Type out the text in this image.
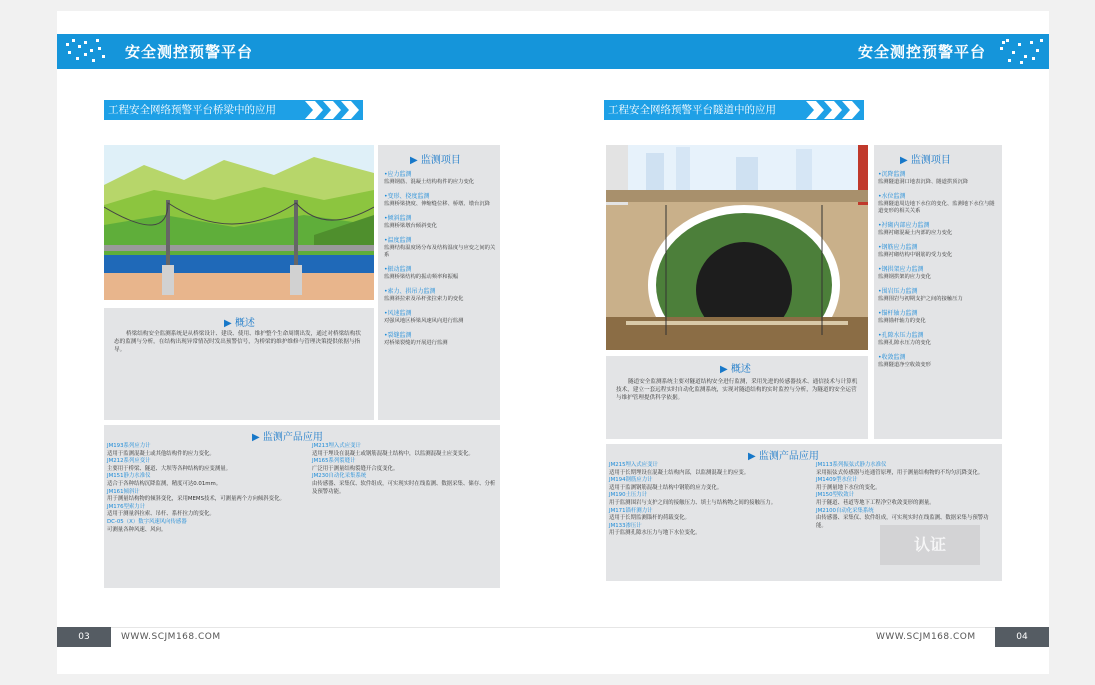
安全测控预警平台	安全测控预警平台
工程安全网络预警平台桥梁中的应用
▶ 监测项目
•应力监测
监测钢筋、混凝土结构构件的应力变化
•变形、挠度监测
监测桥梁挠度、伸缩缝位移、桥墩、墩台沉降
•倾斜监测
监测桥梁墩台倾斜变化
•温度监测
监测结构温度场分布及结构温度与应变之间的关系
•振动监测
监测桥梁结构的振动频率和振幅
•索力、拱吊力监测
监测斜拉索及吊杆张拉索力的变化
•风速监测
对强风地区桥梁风速风向进行监测
•裂缝监测
对桥梁裂缝的开展进行监测
▶ 概述
桥梁结构安全监测系统是从桥梁设计、建设、使用、维护整个生命周期出发，通过对桥梁结构状态的监测与分析，在结构出现异常情况时发出预警信号，为桥梁的维护维修与管理决策提供依据与指导。
▶ 监测产品应用
JM193系列应力计
适用于监测混凝土或其他结构件的应力变化。
JM212系列应变计
主要用于桥梁、隧道、大坝等各种结构的应变测量。
JM151静力水准仪
适合于各种结构沉降监测，精度可达0.01mm。
JM161倾斜计
用于测量结构物的倾斜变化，采用MEMS技术，可测量两个方向倾斜变化。
JM176型索力计
适用于测量斜拉索、吊杆、系杆拉力的变化。
DC-05（X）数字风速风向传感器
可测量各种风速、风向。
JM213埋入式应变计
适用于埋设在混凝土或钢筋混凝土结构中，以监测混凝土应变变化。
JM165系列裂缝计
广泛用于测量结构裂缝开合度变化。
JM230自动化采集系统
由传感器、采集仪、软件组成，可实现实时在线监测、数据采集、储存、分析及预警功能。
工程安全网络预警平台隧道中的应用
▶ 监测项目
•沉降监测
监测隧道洞口地表沉降、隧道拱顶沉降
•水位监测
监测隧道周边地下水位的变化、监测地下水位与隧道变形的相关关系
•衬砌内部应力监测
监测衬砌混凝土内部的应力变化
•钢筋应力监测
监测衬砌结构中钢筋的受力变化
•钢拱架应力监测
监测钢拱架的应力变化
•围岩压力监测
监测围岩与初期支护之间的接触压力
•锚杆轴力监测
监测锚杆轴力的变化
•孔隙水压力监测
监测孔隙水压力的变化
•收敛监测
监测隧道净空收敛变形
▶ 概述
隧道安全监测系统主要对隧道结构安全进行监测，采用先进的传感器技术、通信技术与计算机技术，建立一套远程实时自动化监测系统，实现对隧道结构的实时监控与分析，为隧道的安全运营与维护管理提供科学依据。
▶ 监测产品应用
JM215埋入式应变计
适用于长期埋设在混凝土结构内部，以监测混凝土的应变。
JM194钢筋应力计
适用于监测钢筋混凝土结构中钢筋的应力变化。
JM190土压力计
用于监测围岩与支护之间的接触压力、填土与结构物之间的接触压力。
JM171锚杆测力计
适用于长期监测锚杆的荷载变化。
JM133渗压计
用于监测孔隙水压力与地下水位变化。
JM113系列振弦式静力水准仪
采用振弦式传感器与连通管原理，用于测量结构物的不均匀沉降变化。
JM1409型水位计
用于测量地下水位的变化。
JM150型收敛计
用于隧道、巷道等地下工程净空收敛变形的测量。
JM2100自动化采集系统
由传感器、采集仪、软件组成，可实现实时在线监测、数据采集与预警功能。
认证
03	WWW.SCJM168.COM	WWW.SCJM168.COM	04
